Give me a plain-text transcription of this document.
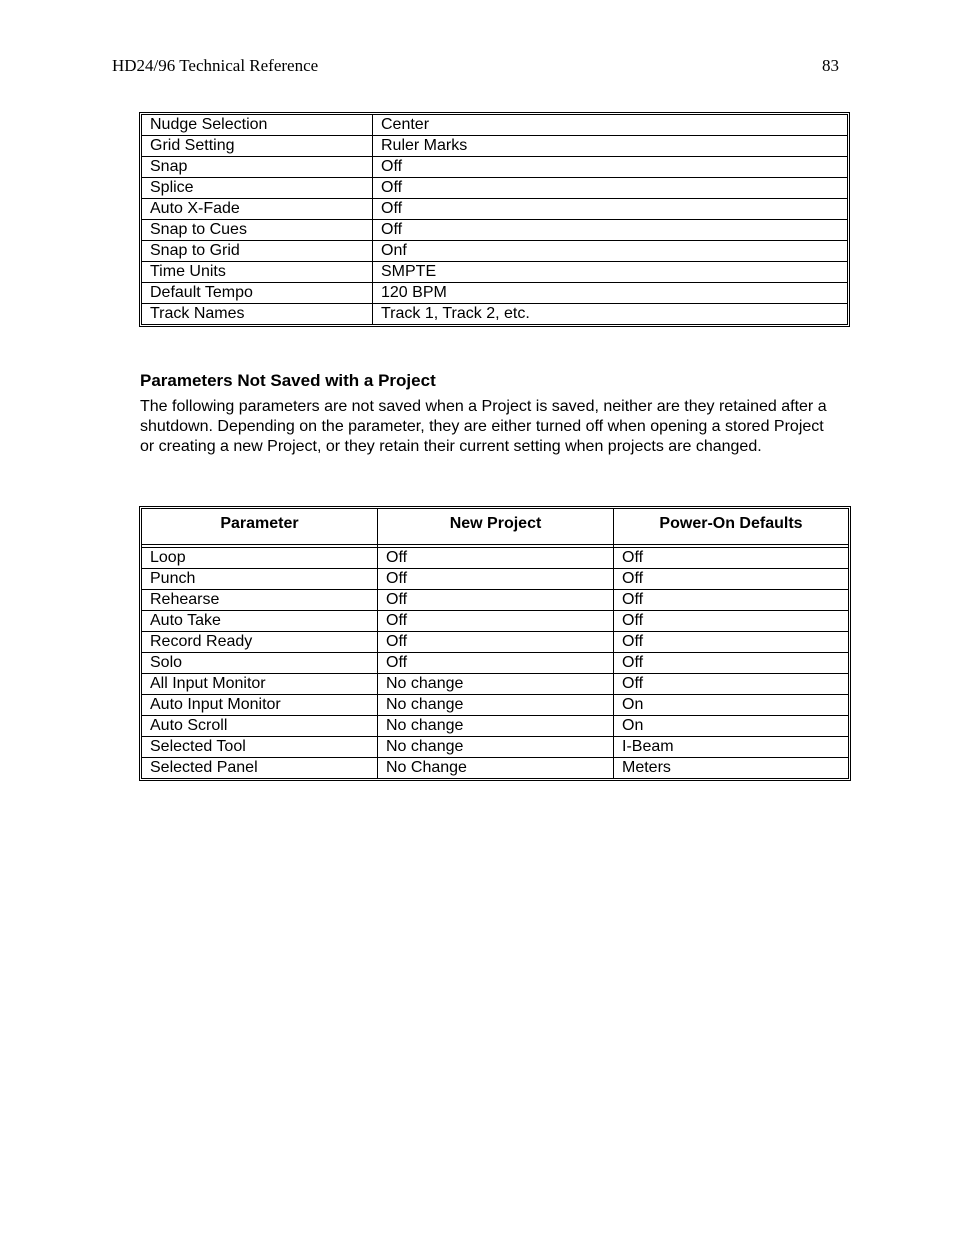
HD24/96 Technical Reference	83
Nudge Selection	Center
Grid Setting	Ruler Marks
Snap	Off
Splice	Off
Auto X-Fade	Off
Snap to Cues	Off
Snap to Grid	Onf
Time Units	SMPTE
Default Tempo	120 BPM
Track Names	Track 1, Track 2, etc.
Parameters Not Saved with a Project

The following parameters are not saved when a Project is saved, neither are they retained after a shutdown. Depending on the parameter, they are either turned off when opening a stored Project or creating a new Project, or they retain their current setting when projects are changed.

Parameter	New Project	Power-On Defaults

Loop	Off	Off
Punch	Off	Off
Rehearse	Off	Off
Auto Take	Off	Off
Record Ready	Off	Off
Solo	Off	Off
All Input Monitor	No change	Off
Auto Input Monitor	No change	On
Auto Scroll	No change	On
Selected Tool	No change	I-Beam
Selected Panel	No Change	Meters
